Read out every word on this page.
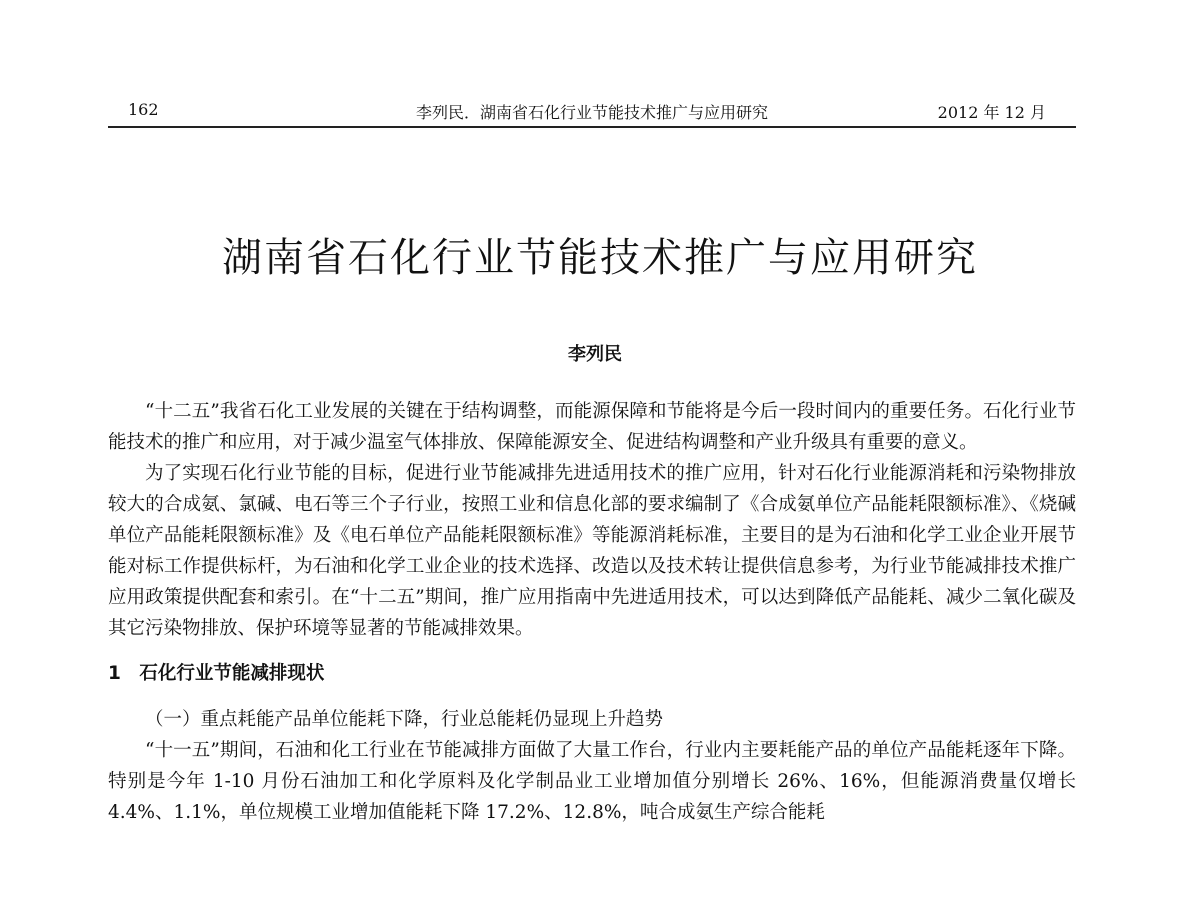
162	李列民．湖南省石化行业节能技术推广与应用研究	2012 年 12 月
湖南省石化行业节能技术推广与应用研究
李列民

“十二五”我省石化工业发展的关键在于结构调整，而能源保障和节能将是今后一段时间内的重要任务。石化行业节能技术的推广和应用，对于减少温室气体排放、保障能源安全、促进结构调整和产业升级具有重要的意义。

为了实现石化行业节能的目标，促进行业节能减排先进适用技术的推广应用，针对石化行业能源消耗和污染物排放较大的合成氨、氯碱、电石等三个子行业，按照工业和信息化部的要求编制了《合成氨单位产品能耗限额标准》、《烧碱单位产品能耗限额标准》及《电石单位产品能耗限额标准》等能源消耗标准，主要目的是为石油和化学工业企业开展节能对标工作提供标杆，为石油和化学工业企业的技术选择、改造以及技术转让提供信息参考，为行业节能减排技术推广应用政策提供配套和索引。在“十二五”期间，推广应用指南中先进适用技术，可以达到降低产品能耗、减少二氧化碳及其它污染物排放、保护环境等显著的节能减排效果。

1　石化行业节能减排现状

（一）重点耗能产品单位能耗下降，行业总能耗仍显现上升趋势

“十一五”期间，石油和化工行业在节能减排方面做了大量工作台，行业内主要耗能产品的单位产品能耗逐年下降。特别是今年 1-10 月份石油加工和化学原料及化学制品业工业增加值分别增长 26%、16%，但能源消费量仅增长 4.4%、1.1%，单位规模工业增加值能耗下降 17.2%、12.8%，吨合成氨生产综合能耗
